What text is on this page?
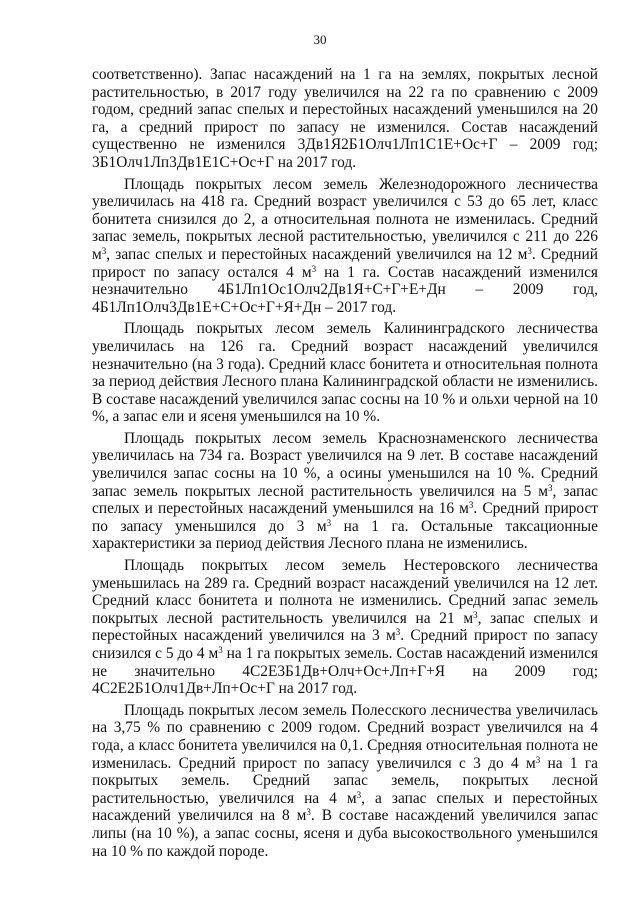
30

соответственно). Запас насаждений на 1 га на землях, покрытых лесной растительностью, в 2017 году увеличился на 22 га по сравнению с 2009 годом, средний запас спелых и перестойных насаждений уменьшился на 20 га, а средний прирост по запасу не изменился. Состав насаждений существенно не изменился 3Дв1Я2Б1Олч1Лп1С1Е+Ос+Г – 2009 год; 3Б1Олч1Лп3Дв1Е1С+Ос+Г на 2017 год.

Площадь покрытых лесом земель Железнодорожного лесничества увеличилась на 418 га. Средний возраст увеличился с 53 до 65 лет, класс бонитета снизился до 2, а относительная полнота не изменилась. Средний запас земель, покрытых лесной растительностью, увеличился с 211 до 226 $м^3$, запас спелых и перестойных насаждений увеличился на 12 $м^3$. Средний прирост по запасу остался 4 $м^3$ на 1 га. Состав насаждений изменился незначительно 4Б1Лп1Ос1Олч2Дв1Я+С+Г+Е+Дн – 2009 год, 4Б1Лп1Олч3Дв1Е+С+Ос+Г+Я+Дн – 2017 год.

Площадь покрытых лесом земель Калининградского лесничества увеличилась на 126 га. Средний возраст насаждений увеличился незначительно (на 3 года). Средний класс бонитета и относительная полнота за период действия Лесного плана Калининградской области не изменились. В составе насаждений увеличился запас сосны на 10 % и ольхи черной на 10 %, а запас ели и ясеня уменьшился на 10 %.

Площадь покрытых лесом земель Краснознаменского лесничества увеличилась на 734 га. Возраст увеличился на 9 лет. В составе насаждений увеличился запас сосны на 10 %, а осины уменьшился на 10 %. Средний запас земель покрытых лесной растительность увеличился на 5 $м^3$, запас спелых и перестойных насаждений уменьшился на 16 $м^3$. Средний прирост по запасу уменьшился до 3 $м^3$ на 1 га. Остальные таксационные характеристики за период действия Лесного плана не изменились.

Площадь покрытых лесом земель Нестеровского лесничества уменьшилась на 289 га. Средний возраст насаждений увеличился на 12 лет. Средний класс бонитета и полнота не изменились. Средний запас земель покрытых лесной растительность увеличился на 21 $м^3$, запас спелых и перестойных насаждений увеличился на 3 $м^3$. Средний прирост по запасу снизился с 5 до 4 $м^3$ на 1 га покрытых земель. Состав насаждений изменился не значительно 4С2Е3Б1Дв+Олч+Ос+Лп+Г+Я на 2009 год; 4С2Е2Б1Олч1Дв+Лп+Ос+Г на 2017 год.

Площадь покрытых лесом земель Полесского лесничества увеличилась на 3,75 % по сравнению с 2009 годом. Средний возраст увеличился на 4 года, а класс бонитета увеличился на 0,1. Средняя относительная полнота не изменилась. Средний прирост по запасу увеличился с 3 до 4 $м^3$ на 1 га покрытых земель. Средний запас земель, покрытых лесной растительностью, увеличился на 4 $м^3$, а запас спелых и перестойных насаждений увеличился на 8 $м^3$. В составе насаждений увеличился запас липы (на 10 %), а запас сосны, ясеня и дуба высокоствольного уменьшился на 10 % по каждой породе.
